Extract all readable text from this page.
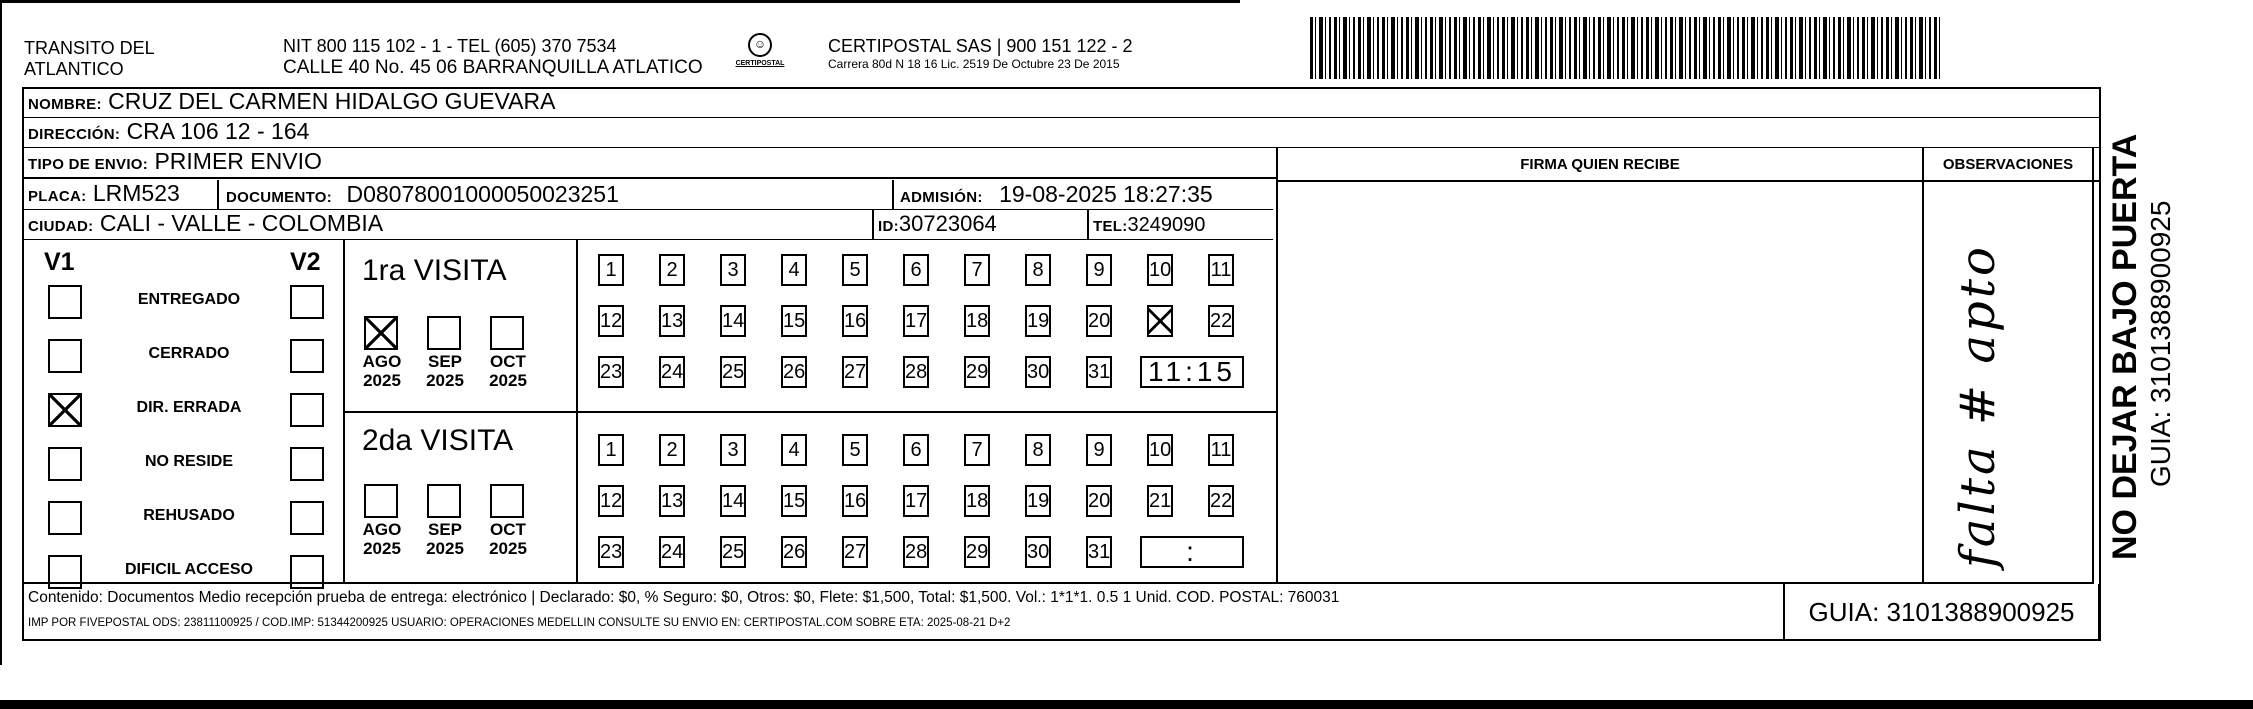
TRANSITO DEL
ATLANTICO
NIT 800 115 102 - 1 - TEL (605) 370 7534
CALLE 40 No. 45 06 BARRANQUILLA ATLATICO
☺
CERTIPOSTAL
CERTIPOSTAL SAS | 900 151 122 - 2
Carrera 80d N 18 16 Lic. 2519 De Octubre 23 De 2015
NOMBRE: CRUZ DEL CARMEN HIDALGO GUEVARA
DIRECCIÓN: CRA 106 12 - 164
TIPO DE ENVIO: PRIMER ENVIO
PLACA: LRM523	DOCUMENTO: D08078001000050023251	ADMISIÓN: 19-08-2025 18:27:35
CIUDAD: CALI - VALLE - COLOMBIA	ID:30723064	TEL:3249090
FIRMA QUIEN RECIBE	OBSERVACIONES
falta # apto
V1	V2 1ra VISITA
2da VISITA
Contenido: Documentos Medio recepción prueba de entrega: electrónico | Declarado: $0, % Seguro: $0, Otros: $0, Flete: $1,500, Total: $1,500. Vol.: 1*1*1. 0.5 1 Unid. COD. POSTAL: 760031
IMP POR FIVEPOSTAL ODS: 23811100925 / COD.IMP: 51344200925 USUARIO: OPERACIONES MEDELLIN CONSULTE SU ENVIO EN: CERTIPOSTAL.COM SOBRE ETA: 2025-08-21 D+2	GUIA: 3101388900925
NO DEJAR BAJO PUERTA GUIA: 3101388900925
ENTREGADO
CERRADO
DIR. ERRADA
NO RESIDE
REHUSADO
DIFICIL ACCESO
AGO
2025
SEP
2025
OCT
2025
AGO
2025
SEP
2025
OCT
2025
1	2	3	4	5	6	7	8	9	10 11
12 13 14 15 16 17 18 19 20	22
23 24 25 26 27 28 29 30 31 11:15
1	2	3	4	5	6	7	8	9	10 11
12 13 14 15 16 17 18 19 20 21 22
23 24 25 26 27 28 29 30 31	:
